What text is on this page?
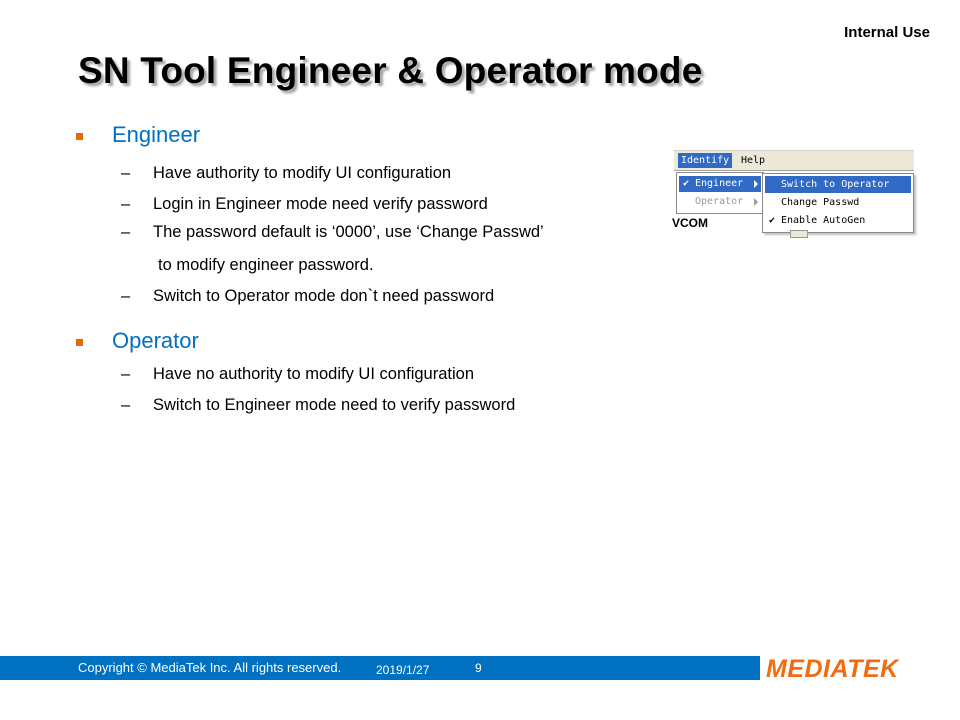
Internal Use
SN Tool Engineer & Operator mode
Engineer
– Have authority to modify UI configuration
– Login in Engineer mode need verify password
– The password default is ‘0000’, use ‘Change Passwd’
to modify engineer password.
– Switch to Operator mode don`t need password
Operator
– Have no authority to modify UI configuration
– Switch to Engineer mode need to verify password
Identify	Help
✔ Engineer
Operator
Switch to Operator
Change Passwd
✔ Enable AutoGen
VCOM
Copyright © MediaTek Inc. All rights reserved.	2019/1/27	9	MEDIATEK
